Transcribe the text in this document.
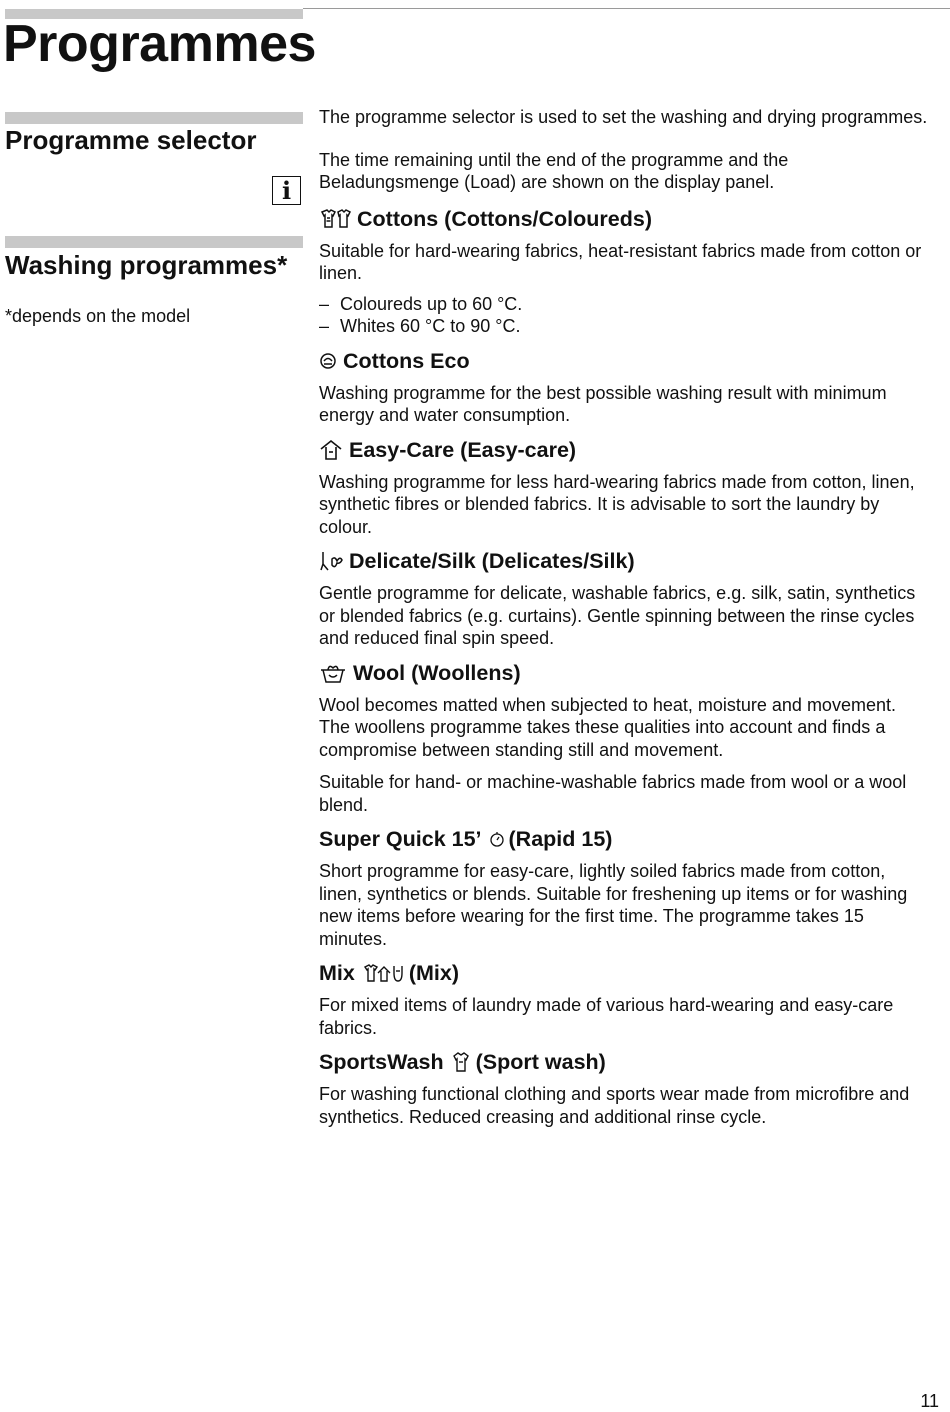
Programmes
Programme selector
i
Washing programmes*

*depends on the model

The programme selector is used to set the washing and drying programmes.

The time remaining until the end of the programme and the Beladungsmenge (Load) are shown on the display panel.

Cottons (Cottons/Coloureds)

Suitable for hard-wearing fabrics, heat-resistant fabrics made from cotton or linen.

– Coloureds up to 60 °C.
– Whites 60 °C to 90 °C.
Cottons Eco

Washing programme for the best possible washing result with minimum energy and water consumption.

Easy-Care (Easy-care)

Washing programme for less hard-wearing fabrics made from cotton, linen, synthetic fibres or blended fabrics. It is advisable to sort the laundry by colour.

Delicate/Silk (Delicates/Silk)

Gentle programme for delicate, washable fabrics, e.g. silk, satin, synthetics or blended fabrics (e.g. curtains). Gentle spinning between the rinse cycles and reduced final spin speed.

Wool (Woollens)

Wool becomes matted when subjected to heat, moisture and movement. The woollens programme takes these qualities into account and finds a compromise between standing still and movement.

Suitable for hand- or machine-washable fabrics made from wool or a wool blend.

Super Quick 15’ (Rapid 15)

Short programme for easy-care, lightly soiled fabrics made from cotton, linen, synthetics or blends. Suitable for freshening up items or for washing new items before wearing for the first time. The programme takes 15 minutes.

Mix	(Mix)

For mixed items of laundry made of various hard-wearing and easy-care fabrics.

SportsWash (Sport wash)

For washing functional clothing and sports wear made from microfibre and synthetics. Reduced creasing and additional rinse cycle.

11
